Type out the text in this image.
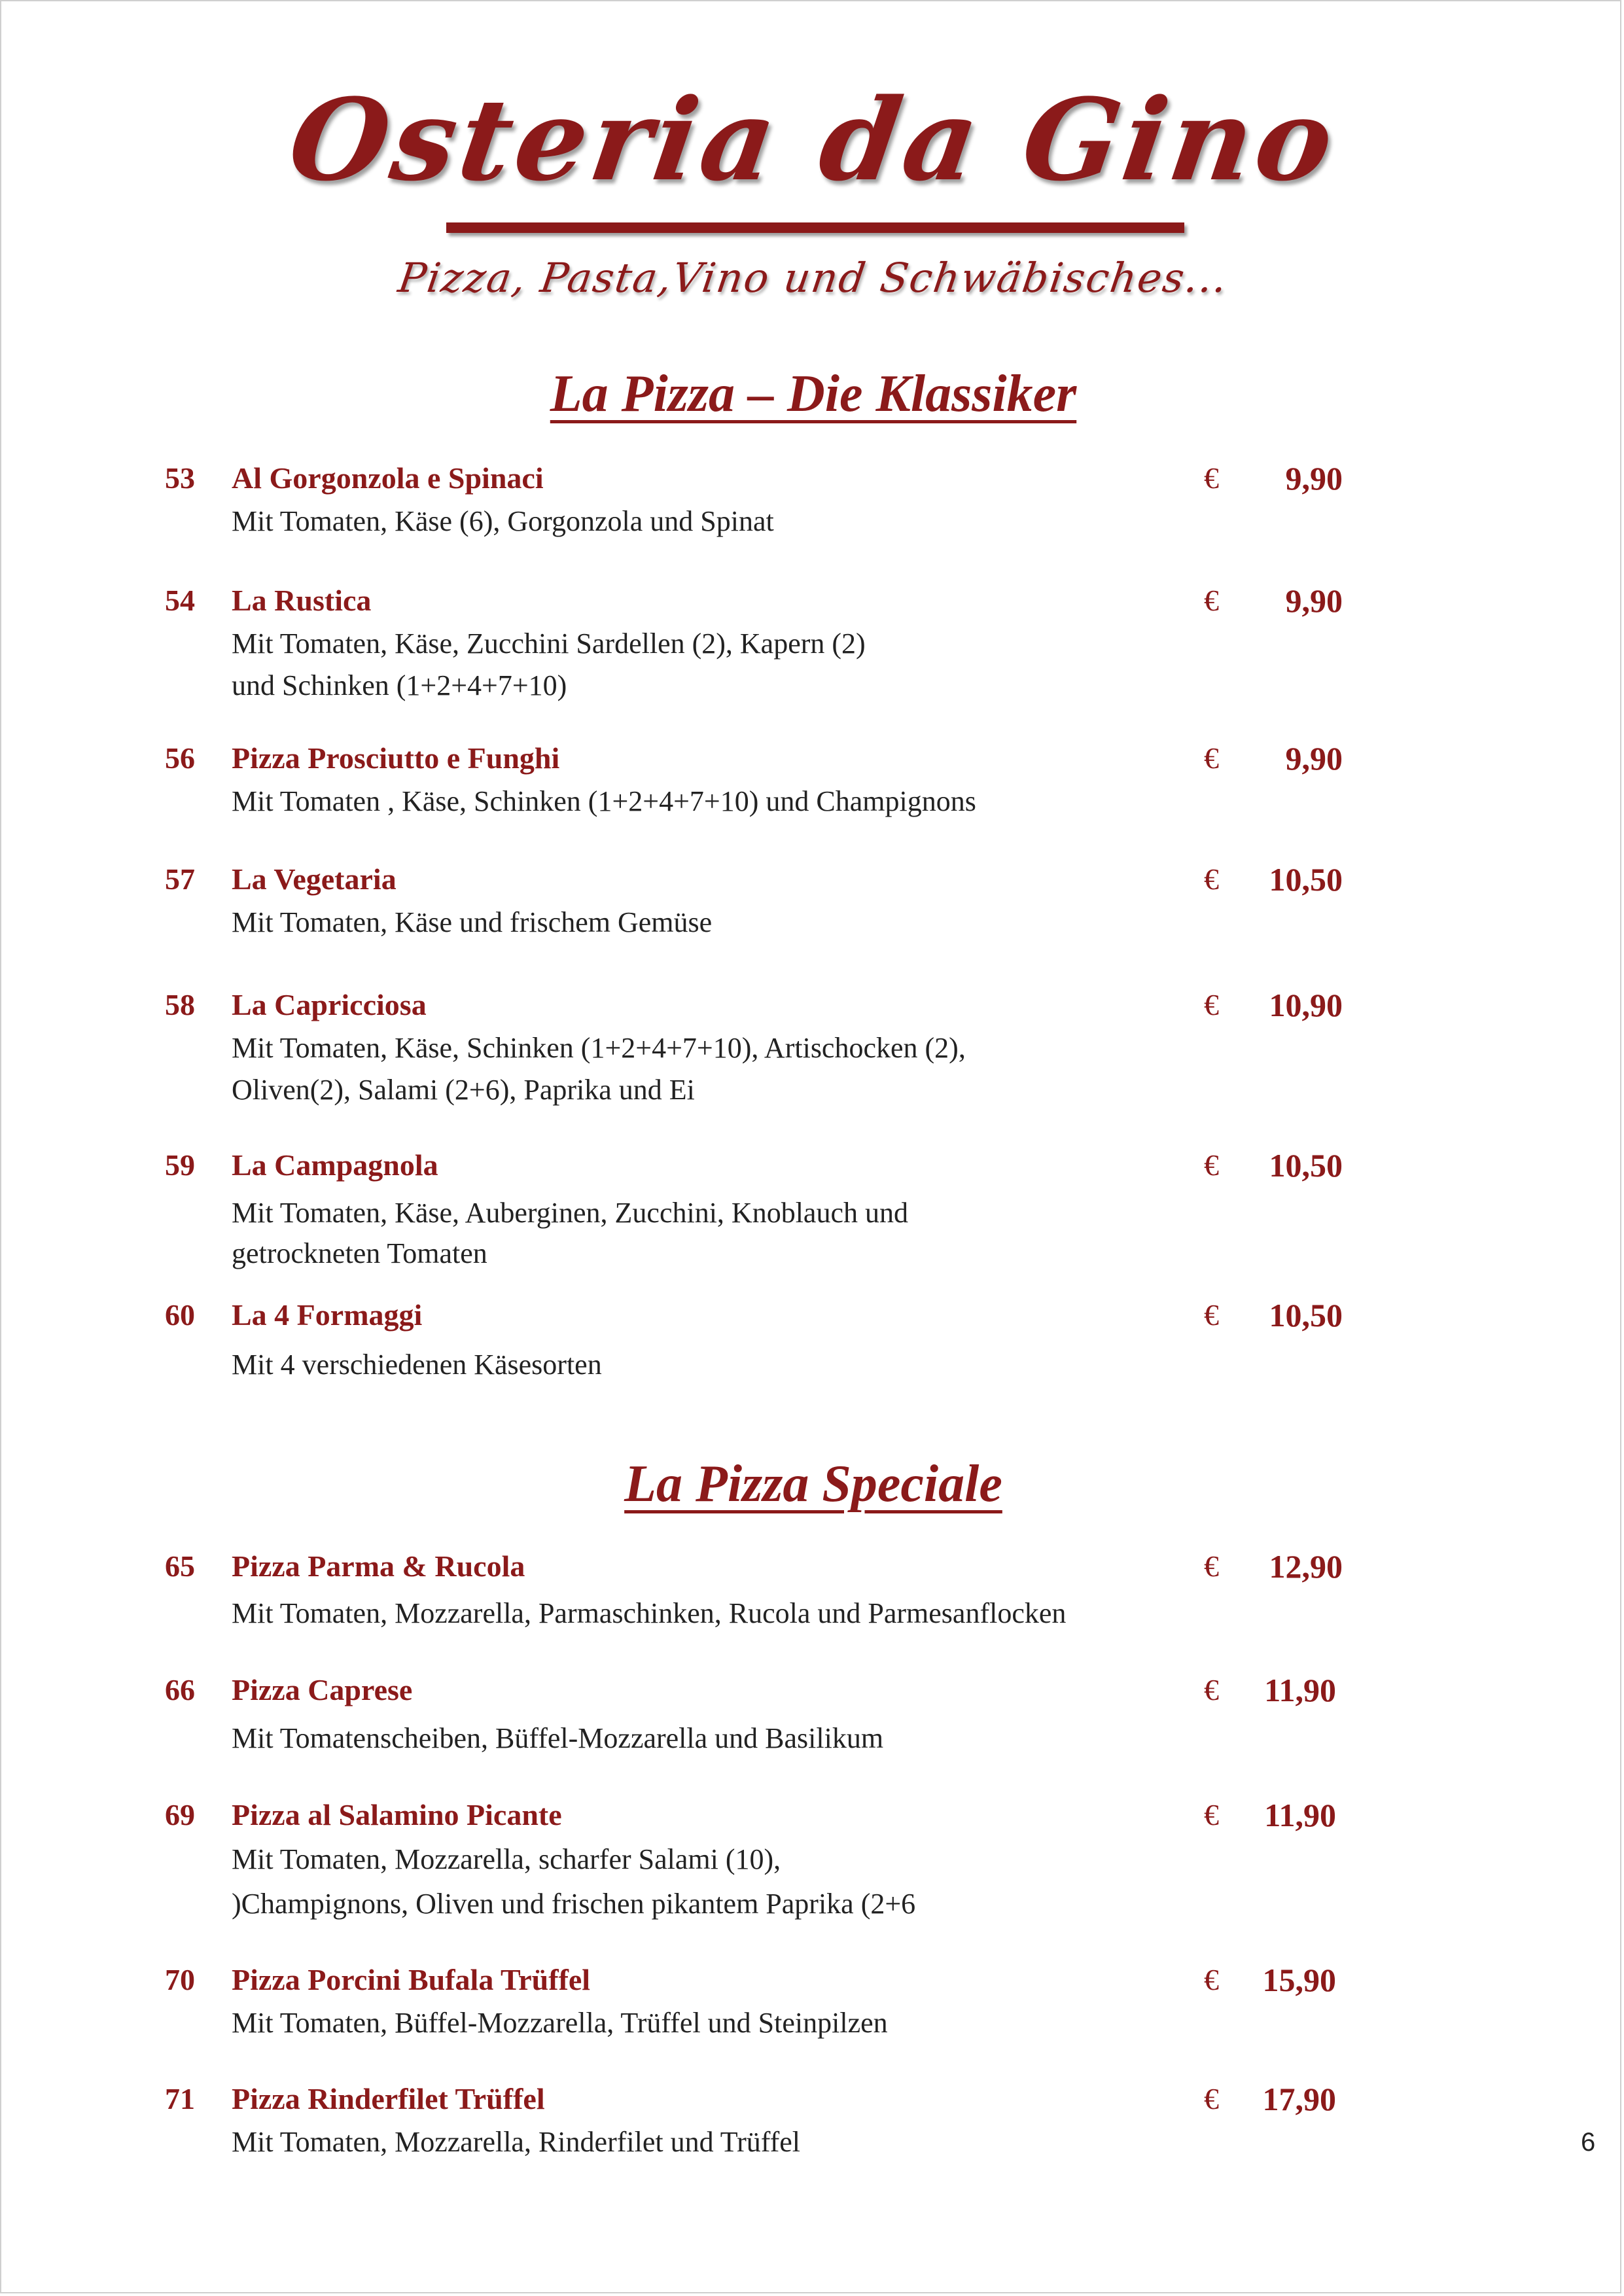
Osteria da Gino
Pizza, Pasta,Vino und Schwäbisches...
La Pizza – Die Klassiker
53 Al Gorgonzola e Spinaci
Mit Tomaten, Käse (6), Gorgonzola und Spinat
€ 9,90
54 La Rustica
Mit Tomaten, Käse, Zucchini Sardellen (2), Kapern (2)
und Schinken (1+2+4+7+10)
€ 9,90
56 Pizza Prosciutto e Funghi
Mit Tomaten , Käse, Schinken (1+2+4+7+10) und Champignons
€ 9,90
57 La Vegetaria
Mit Tomaten, Käse und frischem Gemüse
€ 10,50
58 La Capricciosa
Mit Tomaten, Käse, Schinken (1+2+4+7+10), Artischocken (2),
Oliven(2), Salami (2+6), Paprika und Ei
€ 10,90
59 La Campagnola
Mit Tomaten, Käse, Auberginen, Zucchini, Knoblauch und
getrockneten Tomaten
€ 10,50
60 La 4 Formaggi
Mit 4 verschiedenen Käsesorten
€ 10,50
La Pizza Speciale
65 Pizza Parma & Rucola
Mit Tomaten, Mozzarella, Parmaschinken, Rucola und Parmesanflocken
€ 12,90
66 Pizza Caprese
Mit Tomatenscheiben, Büffel-Mozzarella und Basilikum
€ 11,90
69 Pizza al Salamino Picante
Mit Tomaten, Mozzarella, scharfer Salami (10),
)Champignons, Oliven und frischen pikantem Paprika (2+6
€ 11,90
70 Pizza Porcini Bufala Trüffel
Mit Tomaten, Büffel-Mozzarella, Trüffel und Steinpilzen
€ 15,90
71 Pizza Rinderfilet Trüffel
Mit Tomaten, Mozzarella, Rinderfilet und Trüffel
€ 17,90
6
